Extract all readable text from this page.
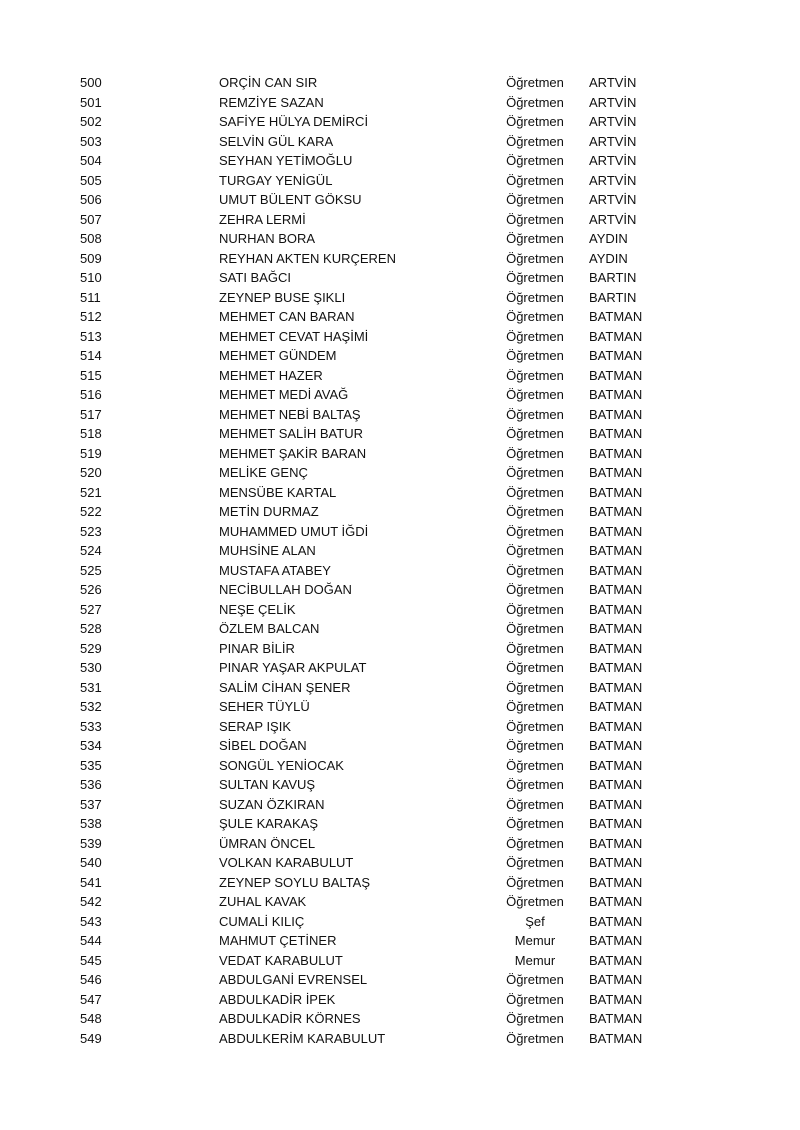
500	ORÇİN CAN SIR	Öğretmen	ARTVİN
501	REMZİYE SAZAN	Öğretmen	ARTVİN
502	SAFİYE HÜLYA DEMİRCİ	Öğretmen	ARTVİN
503	SELVİN GÜL KARA	Öğretmen	ARTVİN
504	SEYHAN YETİMOĞLU	Öğretmen	ARTVİN
505	TURGAY YENİGÜL	Öğretmen	ARTVİN
506	UMUT BÜLENT GÖKSU	Öğretmen	ARTVİN
507	ZEHRA LERMİ	Öğretmen	ARTVİN
508	NURHAN BORA	Öğretmen	AYDIN
509	REYHAN AKTEN KURÇEREN	Öğretmen	AYDIN
510	SATI BAĞCI	Öğretmen	BARTIN
511	ZEYNEP BUSE ŞIKLI	Öğretmen	BARTIN
512	MEHMET CAN BARAN	Öğretmen	BATMAN
513	MEHMET CEVAT HAŞİMİ	Öğretmen	BATMAN
514	MEHMET GÜNDEM	Öğretmen	BATMAN
515	MEHMET HAZER	Öğretmen	BATMAN
516	MEHMET MEDİ AVAĞ	Öğretmen	BATMAN
517	MEHMET NEBİ BALTAŞ	Öğretmen	BATMAN
518	MEHMET SALİH BATUR	Öğretmen	BATMAN
519	MEHMET ŞAKİR BARAN	Öğretmen	BATMAN
520	MELİKE GENÇ	Öğretmen	BATMAN
521	MENSÜBE KARTAL	Öğretmen	BATMAN
522	METİN DURMAZ	Öğretmen	BATMAN
523	MUHAMMED UMUT İĞDİ	Öğretmen	BATMAN
524	MUHSİNE ALAN	Öğretmen	BATMAN
525	MUSTAFA ATABEY	Öğretmen	BATMAN
526	NECİBULLAH DOĞAN	Öğretmen	BATMAN
527	NEŞE ÇELİK	Öğretmen	BATMAN
528	ÖZLEM BALCAN	Öğretmen	BATMAN
529	PINAR BİLİR	Öğretmen	BATMAN
530	PINAR YAŞAR AKPULAT	Öğretmen	BATMAN
531	SALİM CİHAN ŞENER	Öğretmen	BATMAN
532	SEHER TÜYLÜ	Öğretmen	BATMAN
533	SERAP IŞIK	Öğretmen	BATMAN
534	SİBEL DOĞAN	Öğretmen	BATMAN
535	SONGÜL YENİOCAK	Öğretmen	BATMAN
536	SULTAN KAVUŞ	Öğretmen	BATMAN
537	SUZAN ÖZKIRAN	Öğretmen	BATMAN
538	ŞULE KARAKAŞ	Öğretmen	BATMAN
539	ÜMRAN ÖNCEL	Öğretmen	BATMAN
540	VOLKAN KARABULUT	Öğretmen	BATMAN
541	ZEYNEP SOYLU BALTAŞ	Öğretmen	BATMAN
542	ZUHAL KAVAK	Öğretmen	BATMAN
543	CUMALİ KILIÇ	Şef	BATMAN
544	MAHMUT ÇETİNER	Memur	BATMAN
545	VEDAT KARABULUT	Memur	BATMAN
546	ABDULGANİ EVRENSEL	Öğretmen	BATMAN
547	ABDULKADİR İPEK	Öğretmen	BATMAN
548	ABDULKADİR KÖRNES	Öğretmen	BATMAN
549	ABDULKERİM KARABULUT	Öğretmen	BATMAN
